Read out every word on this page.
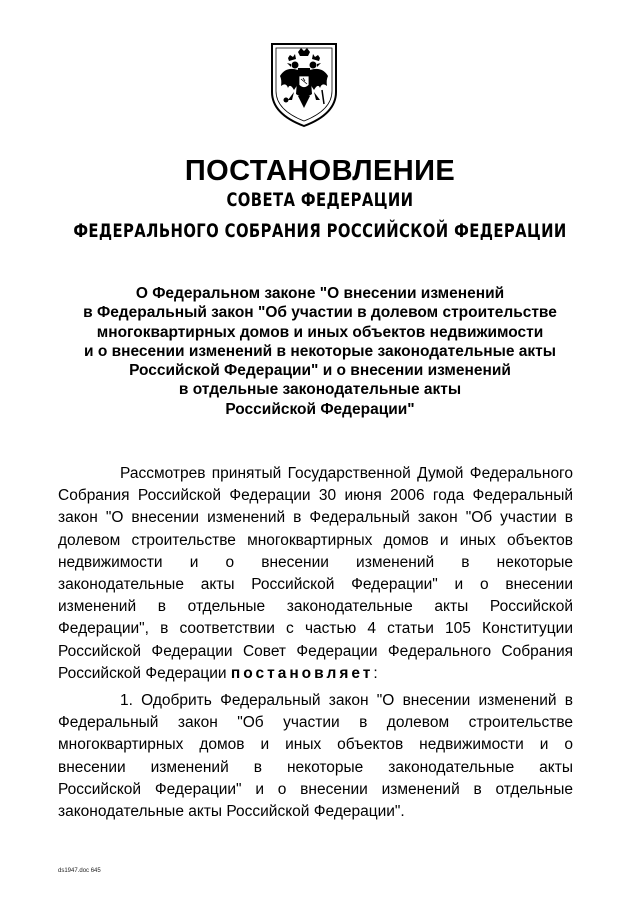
ПОСТАНОВЛЕНИЕ
СОВЕТА ФЕДЕРАЦИИ
ФЕДЕРАЛЬНОГО СОБРАНИЯ РОССИЙСКОЙ ФЕДЕРАЦИИ
О Федеральном законе "О внесении изменений
в Федеральный закон "Об участии в долевом строительстве
многоквартирных домов и иных объектов недвижимости
и о внесении изменений в некоторые законодательные акты
Российской Федерации" и о внесении изменений
в отдельные законодательные акты
Российской Федерации"
Рассмотрев принятый Государственной Думой Федерального
Собрания Российской Федерации 30 июня 2006 года Федеральный
закон "О внесении изменений в Федеральный закон "Об участии в
долевом строительстве многоквартирных домов и иных объектов
недвижимости и о внесении изменений в некоторые
законодательные акты Российской Федерации" и о внесении
изменений в отдельные законодательные акты Российской
Федерации", в соответствии с частью 4 статьи 105 Конституции
Российской Федерации Совет Федерации Федерального Собрания
Российской Федерации постановляет:
1. Одобрить Федеральный закон "О внесении изменений в
Федеральный закон "Об участии в долевом строительстве
многоквартирных домов и иных объектов недвижимости и о
внесении изменений в некоторые законодательные акты
Российской Федерации" и о внесении изменений в отдельные
законодательные акты Российской Федерации".
ds1947.doc 645
